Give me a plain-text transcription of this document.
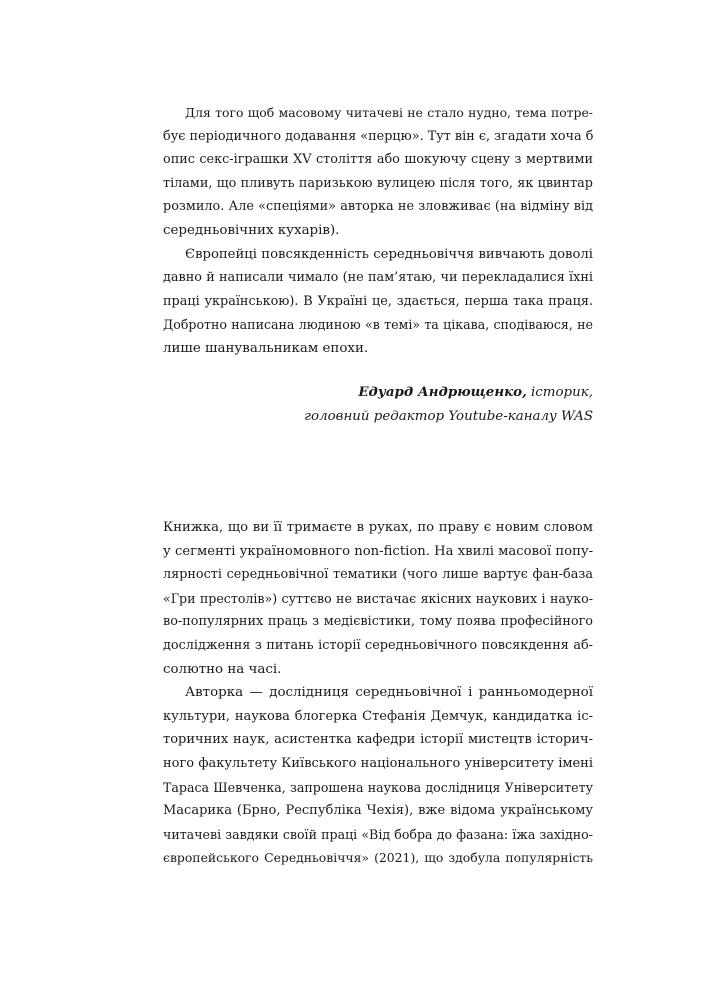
Для того щоб масовому читачеві не стало нудно, тема потре-
бує періодичного додавання «перцю». Тут він є, згадати хоча б
опис секс-іграшки XV століття або шокуючу сцену з мертвими
тілами, що пливуть паризькою вулицею після того, як цвинтар
розмило. Але «спеціями» авторка не зловживає (на відміну від
середньовічних кухарів).
Європейці повсякденність середньовіччя вивчають доволі
давно й написали чимало (не пам’ятаю, чи перекладалися їхні
праці українською). В Україні це, здається, перша така праця.
Добротно написана людиною «в темі» та цікава, сподіваюся, не
лише шанувальникам епохи.
Едуард Андрющенко, історик,
головний редактор Youtube-каналу WAS
Книжка, що ви її тримаєте в руках, по праву є новим словом
у сегменті україномовного non-fiction. На хвилі масової попу-
лярності середньовічної тематики (чого лише вартує фан-база
«Гри престолів») суттєво не вистачає якісних наукових і науко-
во-популярних праць з медієвістики, тому поява професійного
дослідження з питань історії середньовічного повсякдення аб-
солютно на часі.
Авторка — дослідниця середньовічної і ранньомодерної
культури, наукова блогерка Стефанія Демчук, кандидатка іс-
торичних наук, асистентка кафедри історії мистецтв історич-
ного факультету Київського національного університету імені
Тараса Шевченка, запрошена наукова дослідниця Університету
Масарика (Брно, Республіка Чехія), вже відома українському
читачеві завдяки своїй праці «Від бобра до фазана: їжа західно-
європейського Середньовіччя» (2021), що здобула популярність
